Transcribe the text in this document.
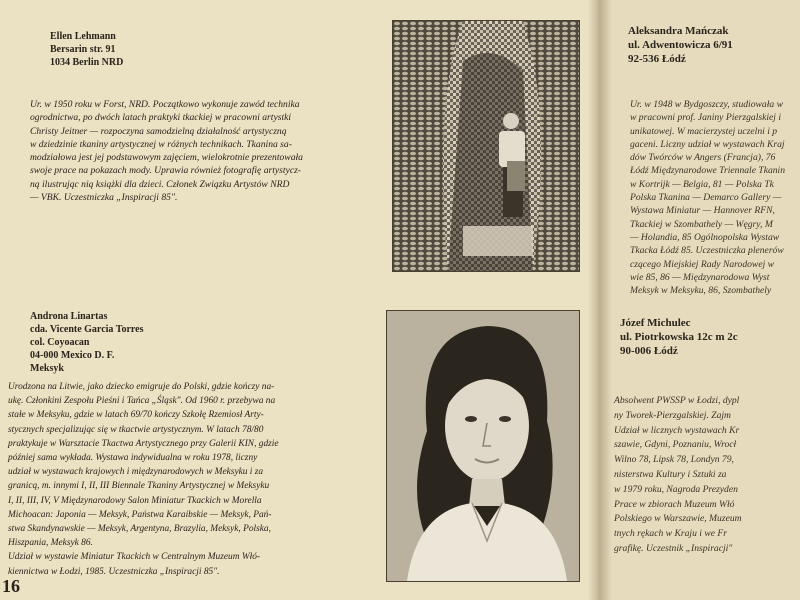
Ellen Lehmann
Bersarin str. 91
1034 Berlin NRD
Ur. w 1950 roku w Forst, NRD. Początkowo wykonuje zawód technika
ogrodnictwa, po dwóch latach praktyki tkackiej w pracowni artystki
Christy Jeitner — rozpoczyna samodzielną działalność artystyczną
w dziedzinie tkaniny artystycznej w różnych technikach. Tkanina sa-
modziałowa jest jej podstawowym zajęciem, wielokrotnie prezentowała
swoje prace na pokazach mody. Uprawia również fotografię artystycz-
ną ilustrując nią książki dla dzieci. Członek Związku Artystów NRD
— VBK. Uczestniczka „Inspiracji 85".
Androna Linartas
cda. Vicente Garcia Torres
col. Coyoacan
04-000 Mexico D. F.
Meksyk
Urodzona na Litwie, jako dziecko emigruje do Polski, gdzie kończy na-
ukę. Członkini Zespołu Pieśni i Tańca „Śląsk". Od 1960 r. przebywa na
stałe w Meksyku, gdzie w latach 69/70 kończy Szkołę Rzemiosł Arty-
stycznych specjalizując się w tkactwie artystycznym. W latach 78/80
praktykuje w Warsztacie Tkactwa Artystycznego przy Galerii KIN, gdzie
później sama wykłada. Wystawa indywidualna w roku 1978, liczny
udział w wystawach krajowych i międzynarodowych w Meksyku i za
granicą, m. innymi I, II, III Biennale Tkaniny Artystycznej w Meksyku
I, II, III, IV, V Międzynarodowy Salon Miniatur Tkackich w Morella
Michoacan: Japonia — Meksyk, Państwa Karaibskie — Meksyk, Pań-
stwa Skandynawskie — Meksyk, Argentyna, Brazylia, Meksyk, Polska,
Hiszpania, Meksyk 86.
Udział w wystawie Miniatur Tkackich w Centralnym Muzeum Włó-
kiennictwa w Łodzi, 1985. Uczestniczka „Inspiracji 85".
16
Aleksandra Mańczak
ul. Adwentowicza 6/91
92-536 Łódź
Ur. w 1948 w Bydgoszczy, studiowała w
w pracowni prof. Janiny Pierzgalskiej i
unikatowej. W macierzystej uczelni i p
gaceni. Liczny udział w wystawach Kraj
dów Twórców w Angers (Francja), 76
Łódź Międzynarodowe Triennale Tkanin
w Kortrijk — Belgia, 81 — Polska Tk
Polska Tkanina — Demarco Gallery —
Wystawa Miniatur — Hannover RFN,
Tkackiej w Szombathely — Węgry, M
— Holandia, 85 Ogólnopolska Wystaw
Tkacka Łódź 85. Uczestniczka plenerów
czącego Miejskiej Rady Narodowej w
wie 85, 86 — Międzynarodowa Wyst
Meksyk w Meksyku, 86, Szombathely
Józef Michulec
ul. Piotrkowska 12c m 2c
90-006 Łódź
Absolwent PWSSP w Łodzi, dypl
ny Tworek-Pierzgalskiej. Zajm
Udział w licznych wystawach Kr
szawie, Gdyni, Poznaniu, Wrocł
Wilno 78, Lipsk 78, Londyn 79,
nisterstwa Kultury i Sztuki za
w 1979 roku, Nagroda Prezyden
Prace w zbiorach Muzeum Włó
Polskiego w Warszawie, Muzeum
tnych rękach w Kraju i we Fr
grafikę. Uczestnik „Inspiracji"
